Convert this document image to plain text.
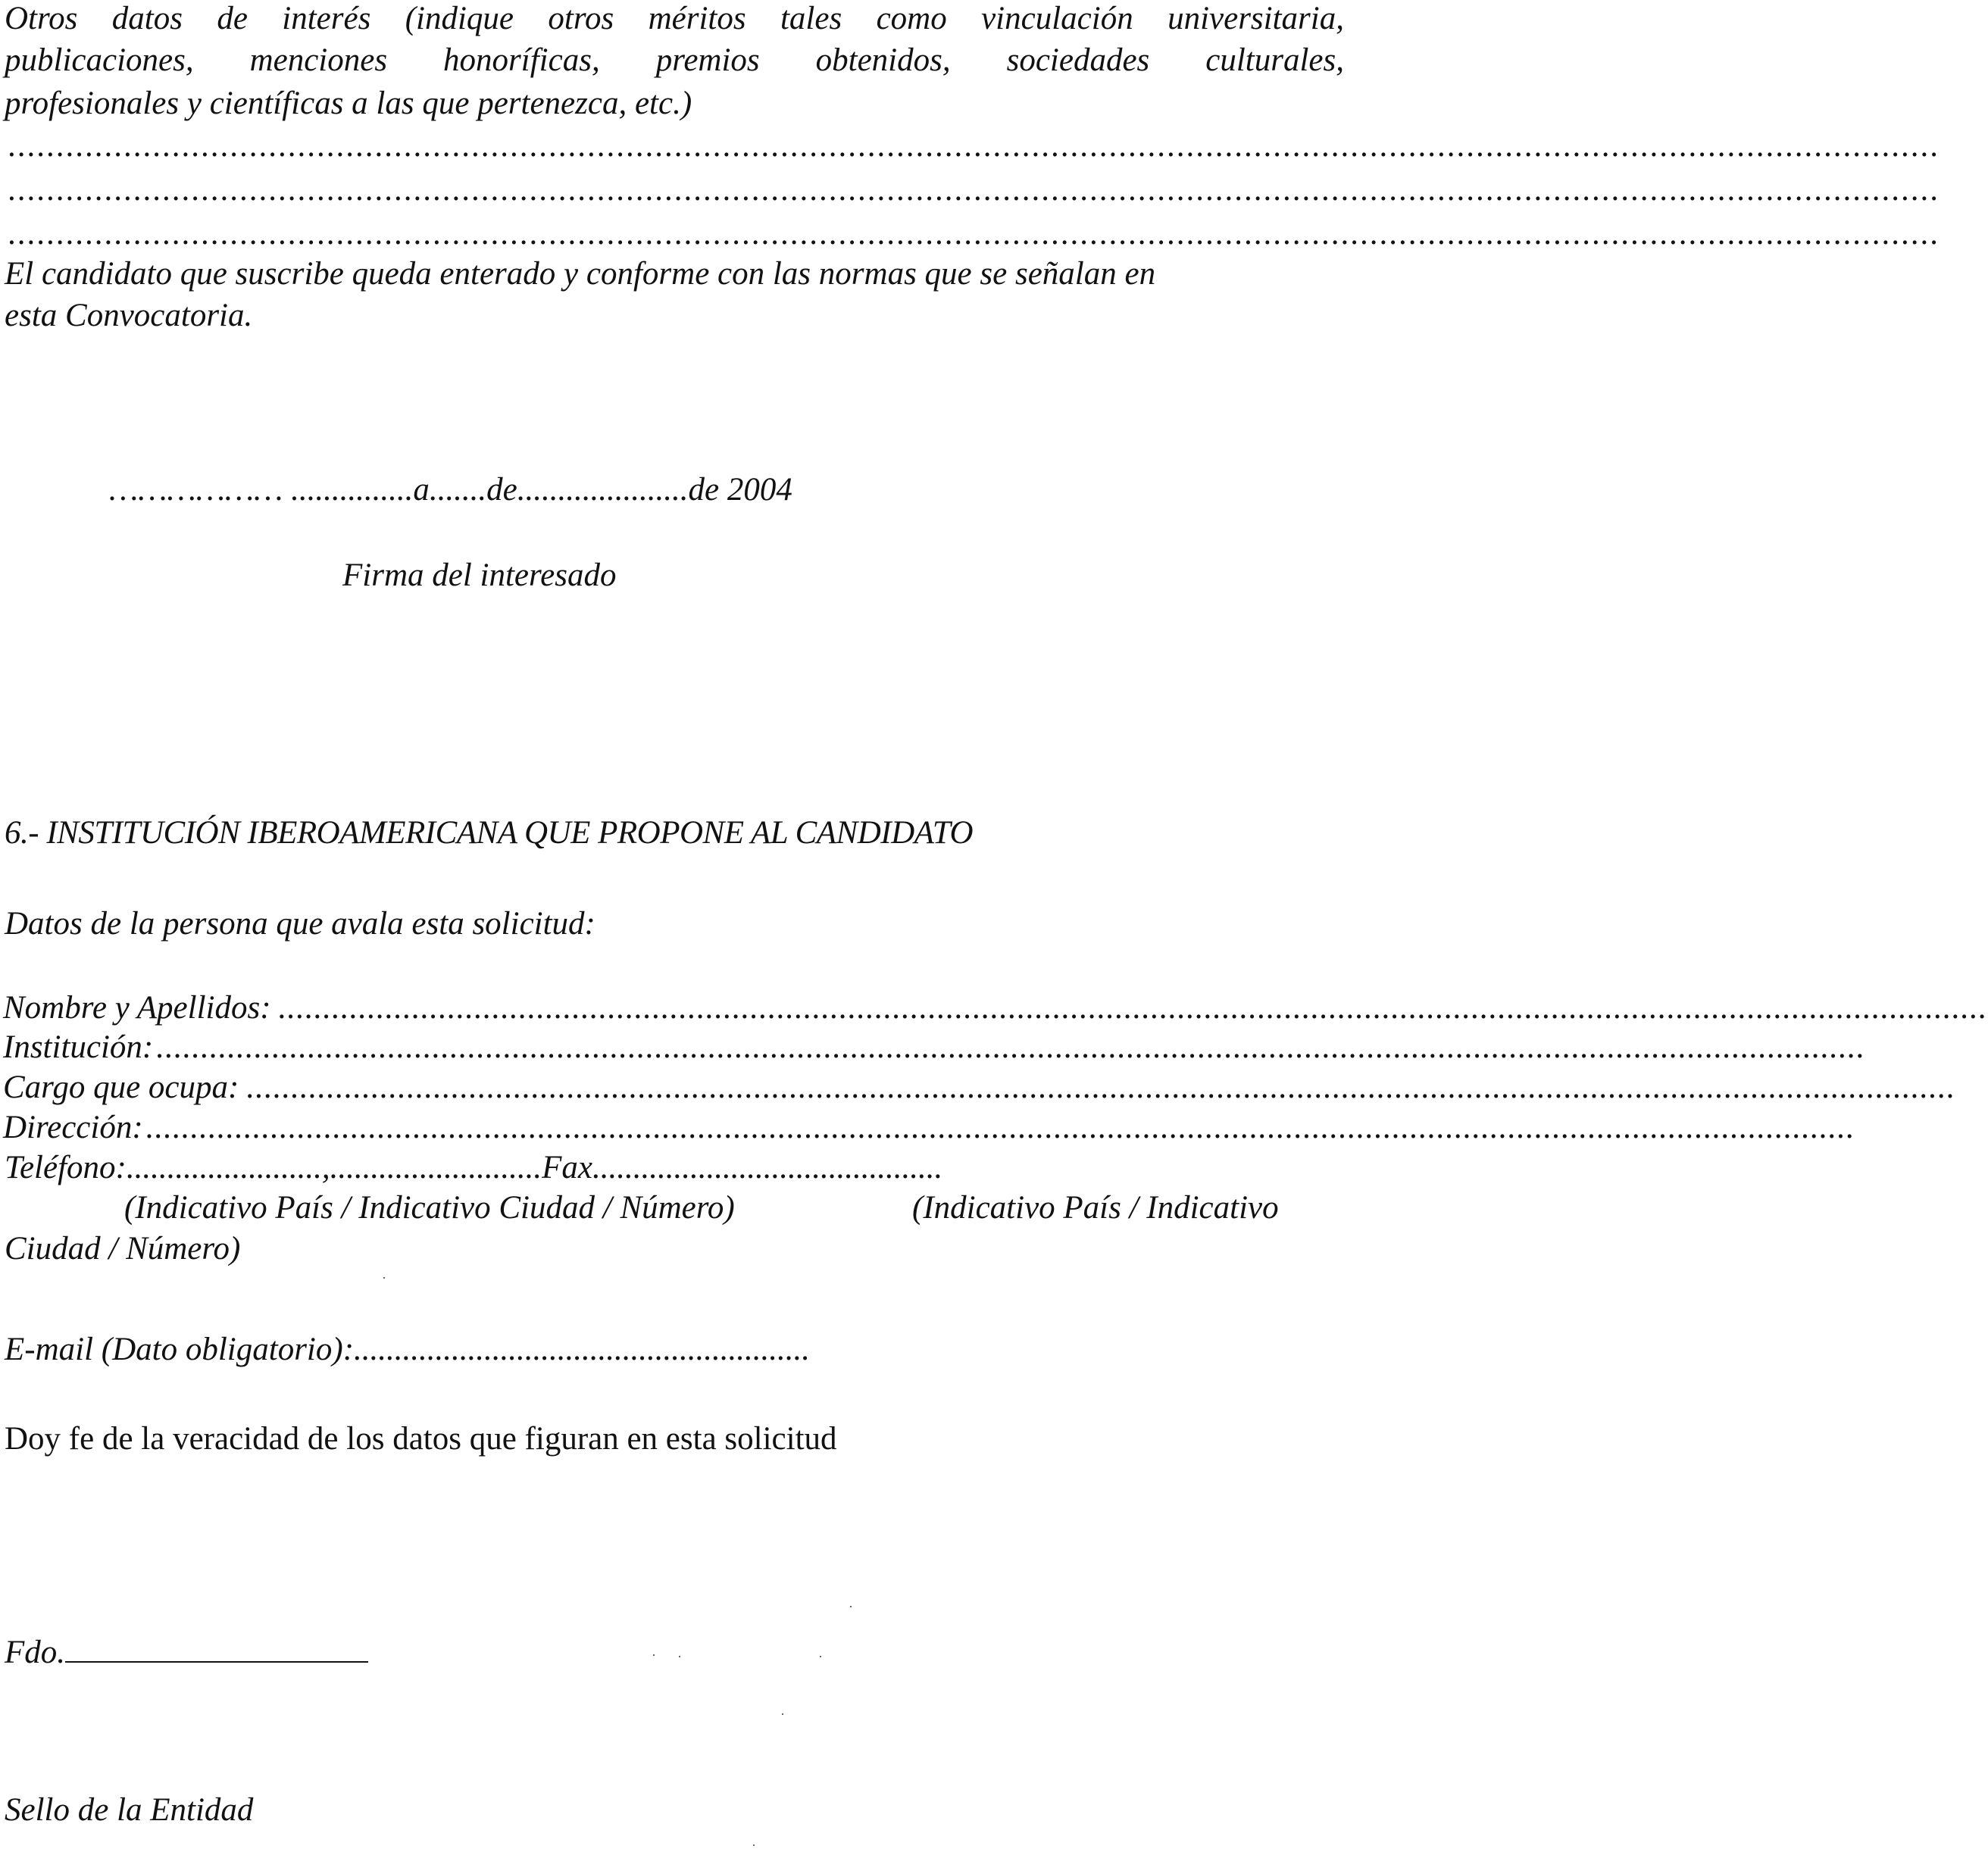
Otros datos de interés (indique otros méritos tales como vinculación universitaria,
publicaciones, menciones honoríficas, premios obtenidos, sociedades culturales,
profesionales y científicas a las que pertenezca, etc.)
........................................................................................................................................................................................................
........................................................................................................................................................................................................
........................................................................................................................................................................................................
El candidato que suscribe queda enterado y conforme con las normas que se señalan en
esta Convocatoria.
……………… ...............a.......de.....................de 2004
Firma del interesado
6.- INSTITUCIÓN IBEROAMERICANA QUE PROPONE AL CANDIDATO
Datos de la persona que avala esta solicitud:
Nombre y Apellidos: ................................................................................................................................................................................................
Institución: ................................................................................................................................................................................................
Cargo que ocupa: ................................................................................................................................................................................................
Dirección: ................................................................................................................................................................................................
Teléfono:........................,..........................Fax...........................................
(Indicativo País / Indicativo Ciudad / Número)	(Indicativo País / Indicativo
Ciudad / Número)
E-mail (Dato obligatorio):........................................................
Doy fe de la veracidad de los datos que figuran en esta solicitud
Fdo.
Sello de la Entidad
